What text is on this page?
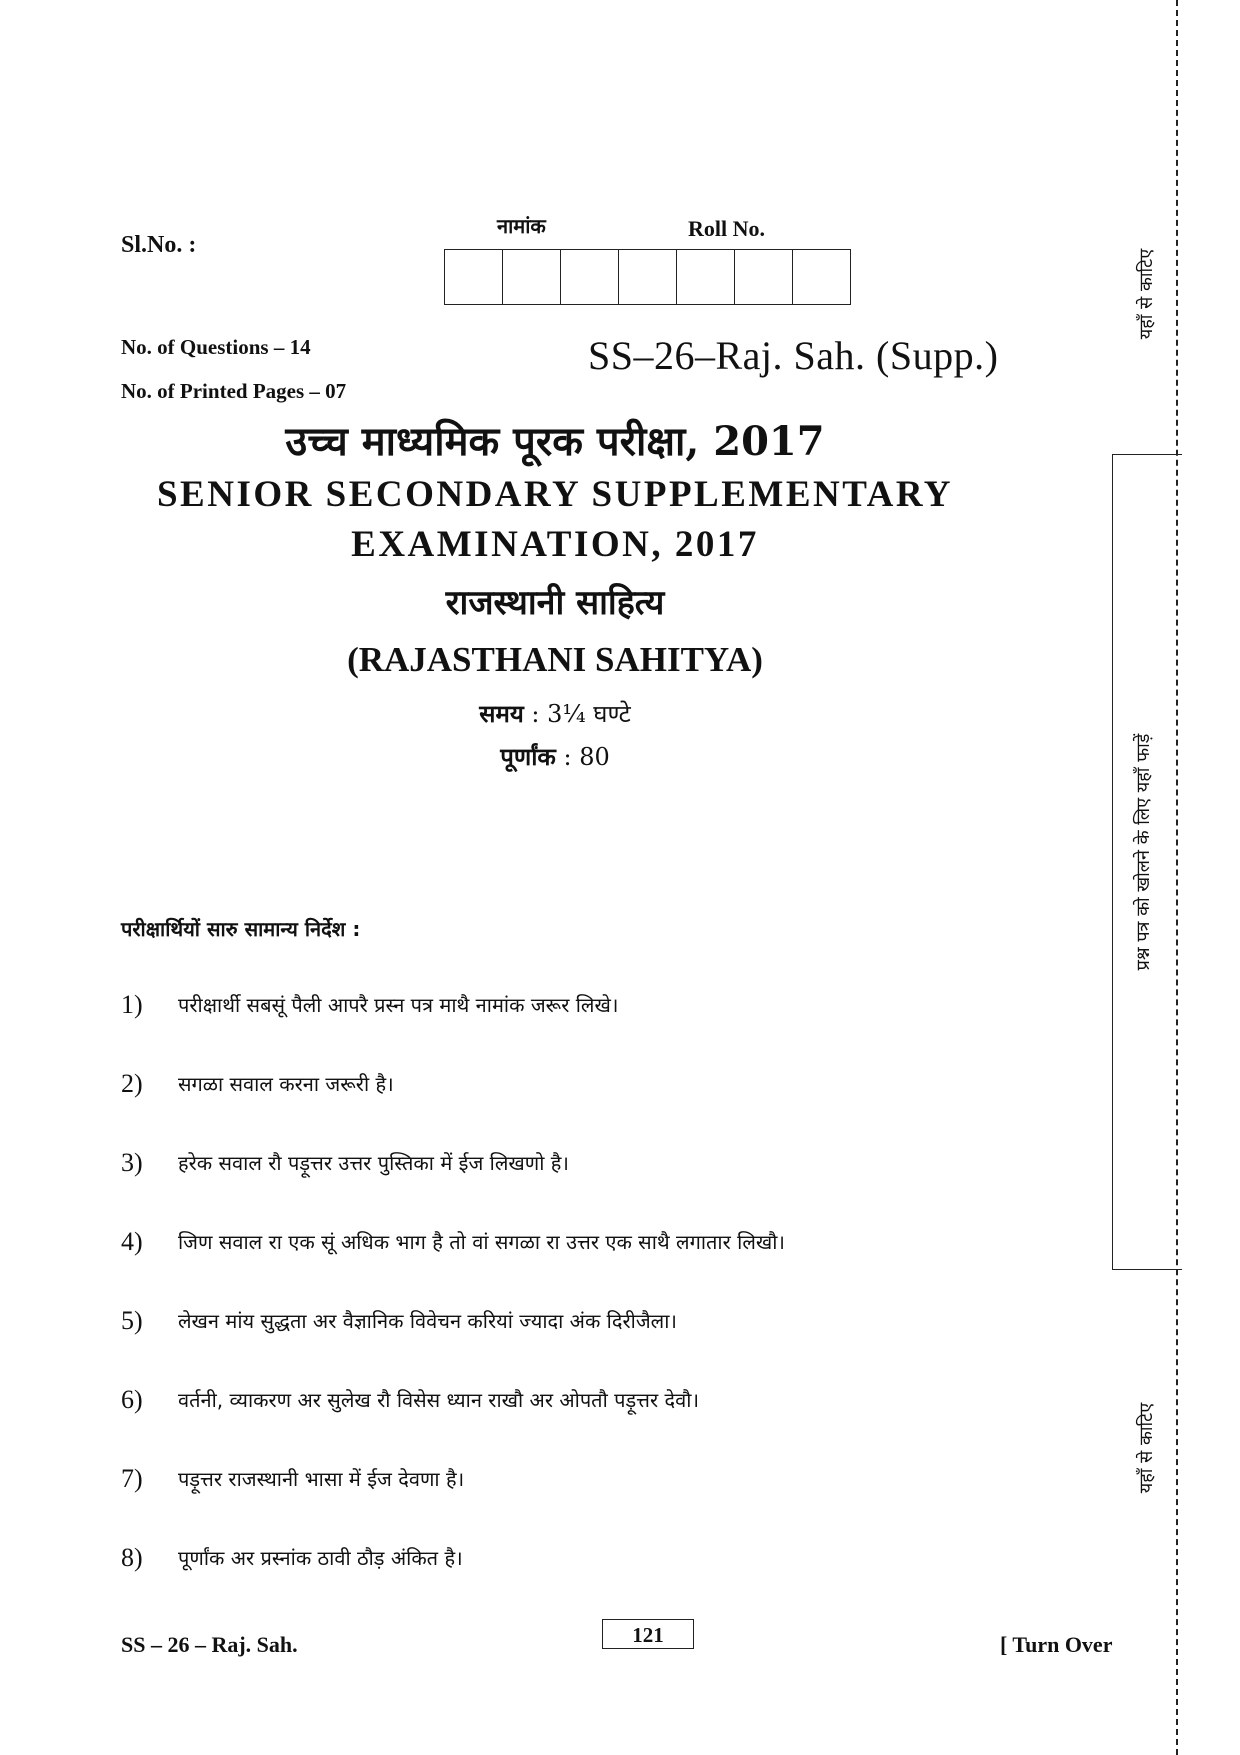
Sl.No. :
नामांक	Roll No.
No. of Questions – 14
No. of Printed Pages – 07
SS–26–Raj. Sah. (Supp.)
उच्च माध्यमिक पूरक परीक्षा, 2017
SENIOR SECONDARY SUPPLEMENTARY
EXAMINATION, 2017
राजस्थानी साहित्य
(RAJASTHANI SAHITYA)
समय : 3¼ घण्टे
पूर्णांक : 80
परीक्षार्थियों सारु सामान्य निर्देश :
1)	परीक्षार्थी सबसूं पैली आपरै प्रस्न पत्र माथै नामांक जरूर लिखे।
2)	सगळा सवाल करना जरूरी है।
3)	हरेक सवाल रौ पड़ूत्तर उत्तर पुस्तिका में ईज लिखणो है।
4)	जिण सवाल रा एक सूं अधिक भाग है तो वां सगळा रा उत्तर एक साथै लगातार लिखौ।
5)	लेखन मांय सुद्धता अर वैज्ञानिक विवेचन करियां ज्यादा अंक दिरीजैला।
6)	वर्तनी, व्याकरण अर सुलेख रौ विसेस ध्यान राखौ अर ओपतौ पड़ूत्तर देवौ।
7)	पड़ूत्तर राजस्थानी भासा में ईज देवणा है।
8)	पूर्णांक अर प्रस्नांक ठावी ठौड़ अंकित है।
SS – 26 – Raj. Sah.	121	[ Turn Over
यहाँ से काटिए
प्रश्न पत्र को खोलने के लिए यहाँ फाड़ें
यहाँ से काटिए
